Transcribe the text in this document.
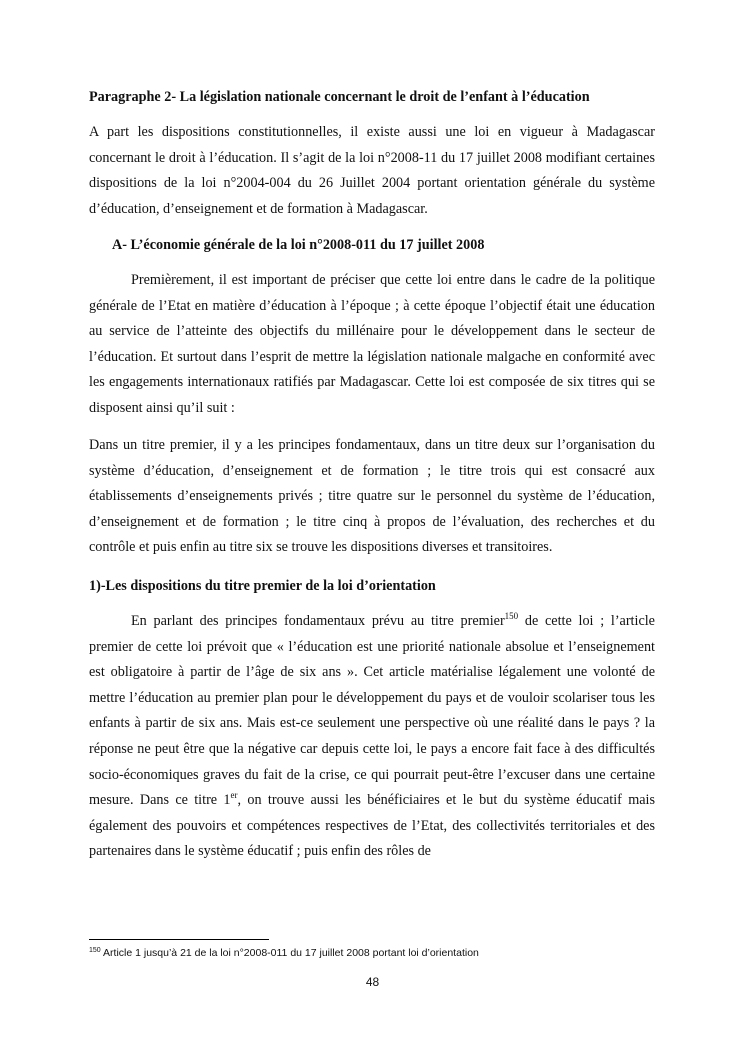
Paragraphe 2- La législation nationale concernant le droit de l’enfant à l’éducation
A part les dispositions constitutionnelles, il existe aussi une loi en vigueur à Madagascar concernant le droit à l’éducation. Il s’agit de la loi n°2008-11 du 17 juillet 2008 modifiant certaines dispositions de la loi n°2004-004 du 26 Juillet 2004 portant orientation générale du système d’éducation, d’enseignement et de formation à Madagascar.
A- L’économie générale de la loi n°2008-011 du 17 juillet 2008
Premièrement, il est important de préciser que cette loi entre dans le cadre de la politique générale de l’Etat en matière d’éducation à l’époque ; à cette époque l’objectif était une éducation au service de l’atteinte des objectifs du millénaire pour le développement dans le secteur de l’éducation. Et surtout dans l’esprit de mettre la législation nationale malgache en conformité avec les engagements internationaux ratifiés par Madagascar. Cette loi est composée de six titres qui se disposent ainsi qu’il suit :
Dans un titre premier, il y a les principes fondamentaux, dans un titre deux sur l’organisation du système d’éducation, d’enseignement et de formation ; le titre trois qui est consacré aux établissements d’enseignements privés ; titre quatre sur le personnel du système de l’éducation, d’enseignement et de formation ; le titre cinq à propos de l’évaluation, des recherches et du contrôle et puis enfin au titre six se trouve les dispositions diverses et transitoires.
1)-Les dispositions du titre premier de la loi d’orientation
En parlant des principes fondamentaux prévu au titre premier$^{150}$ de cette loi ; l’article premier de cette loi prévoit que « l’éducation est une priorité nationale absolue et l’enseignement est obligatoire à partir de l’âge de six ans ». Cet article matérialise légalement une volonté de mettre l’éducation au premier plan pour le développement du pays et de vouloir scolariser tous les enfants à partir de six ans. Mais est-ce seulement une perspective où une réalité dans le pays ? la réponse ne peut être que la négative car depuis cette loi, le pays a encore fait face à des difficultés socio-économiques graves du fait de la crise, ce qui pourrait peut-être l’excuser dans une certaine mesure. Dans ce titre 1er, on trouve aussi les bénéficiaires et le but du système éducatif mais également des pouvoirs et compétences respectives de l’Etat, des collectivités territoriales et des partenaires dans le système éducatif ; puis enfin des rôles de
$^{150}$ Article 1 jusqu’à 21 de la loi n°2008-011 du 17 juillet 2008 portant loi d’orientation
48
